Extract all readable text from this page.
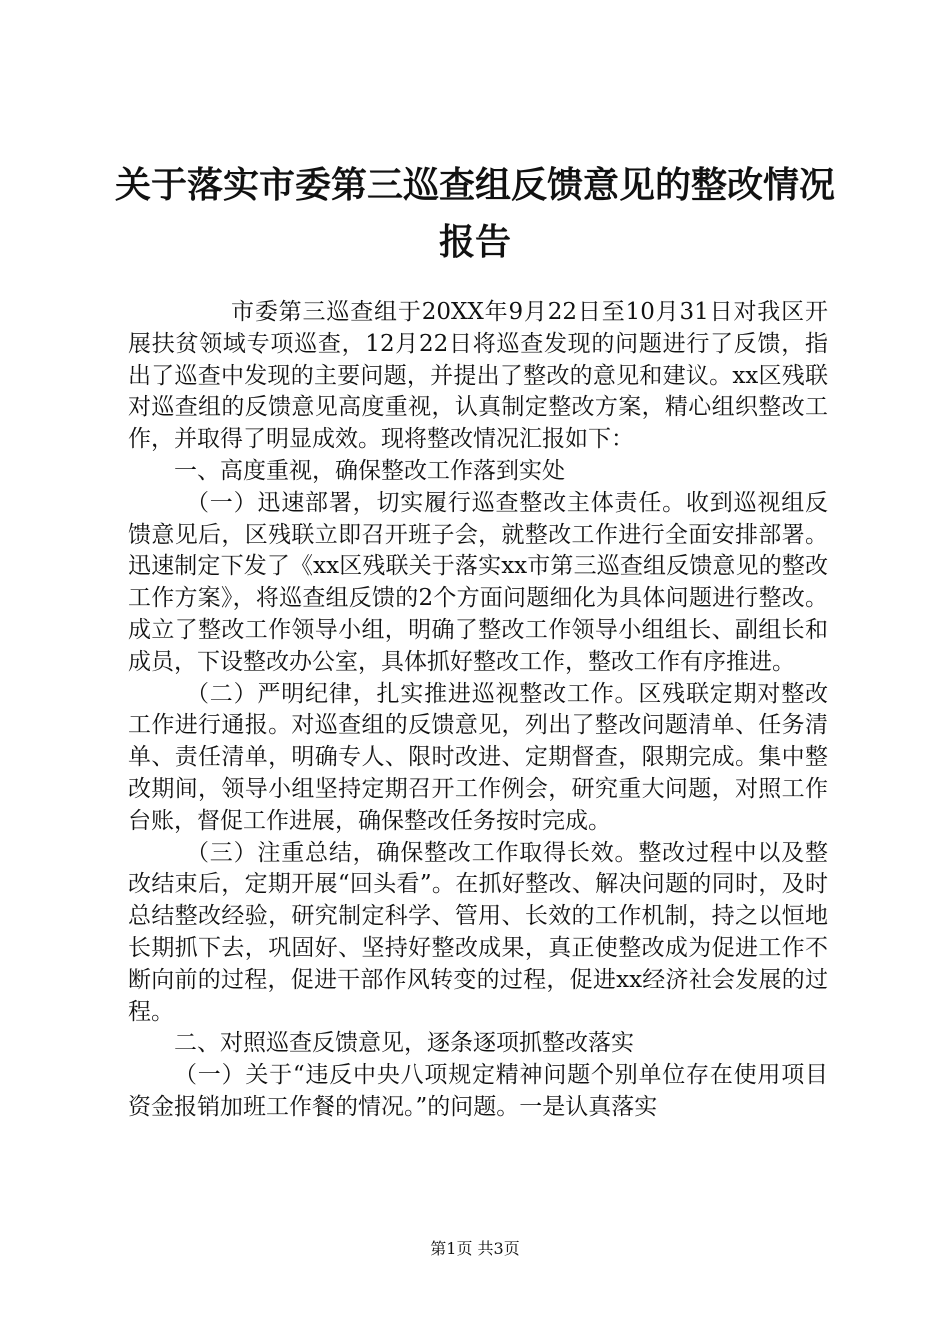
关于落实市委第三巡查组反馈意见的整改情况
报告

市委第三巡查组于20XX年9月22日至10月31日对我区开展扶贫领域专项巡查，12月22日将巡查发现的问题进行了反馈，指出了巡查中发现的主要问题，并提出了整改的意见和建议。xx区残联对巡查组的反馈意见高度重视，认真制定整改方案，精心组织整改工作，并取得了明显成效。现将整改情况汇报如下：

一、高度重视，确保整改工作落到实处

（一）迅速部署，切实履行巡查整改主体责任。收到巡视组反馈意见后，区残联立即召开班子会，就整改工作进行全面安排部署。迅速制定下发了《xx区残联关于落实xx市第三巡查组反馈意见的整改工作方案》，将巡查组反馈的2个方面问题细化为具体问题进行整改。成立了整改工作领导小组，明确了整改工作领导小组组长、副组长和成员，下设整改办公室，具体抓好整改工作，整改工作有序推进。

（二）严明纪律，扎实推进巡视整改工作。区残联定期对整改工作进行通报。对巡查组的反馈意见，列出了整改问题清单、任务清单、责任清单，明确专人、限时改进、定期督查，限期完成。集中整改期间，领导小组坚持定期召开工作例会，研究重大问题，对照工作台账，督促工作进展，确保整改任务按时完成。

（三）注重总结，确保整改工作取得长效。整改过程中以及整改结束后，定期开展“回头看”。在抓好整改、解决问题的同时，及时总结整改经验，研究制定科学、管用、长效的工作机制，持之以恒地长期抓下去，巩固好、坚持好整改成果，真正使整改成为促进工作不断向前的过程，促进干部作风转变的过程，促进xx经济社会发展的过程。

二、对照巡查反馈意见，逐条逐项抓整改落实

（一）关于“违反中央八项规定精神问题个别单位存在使用项目资金报销加班工作餐的情况。”的问题。一是认真落实

第1页 共3页
